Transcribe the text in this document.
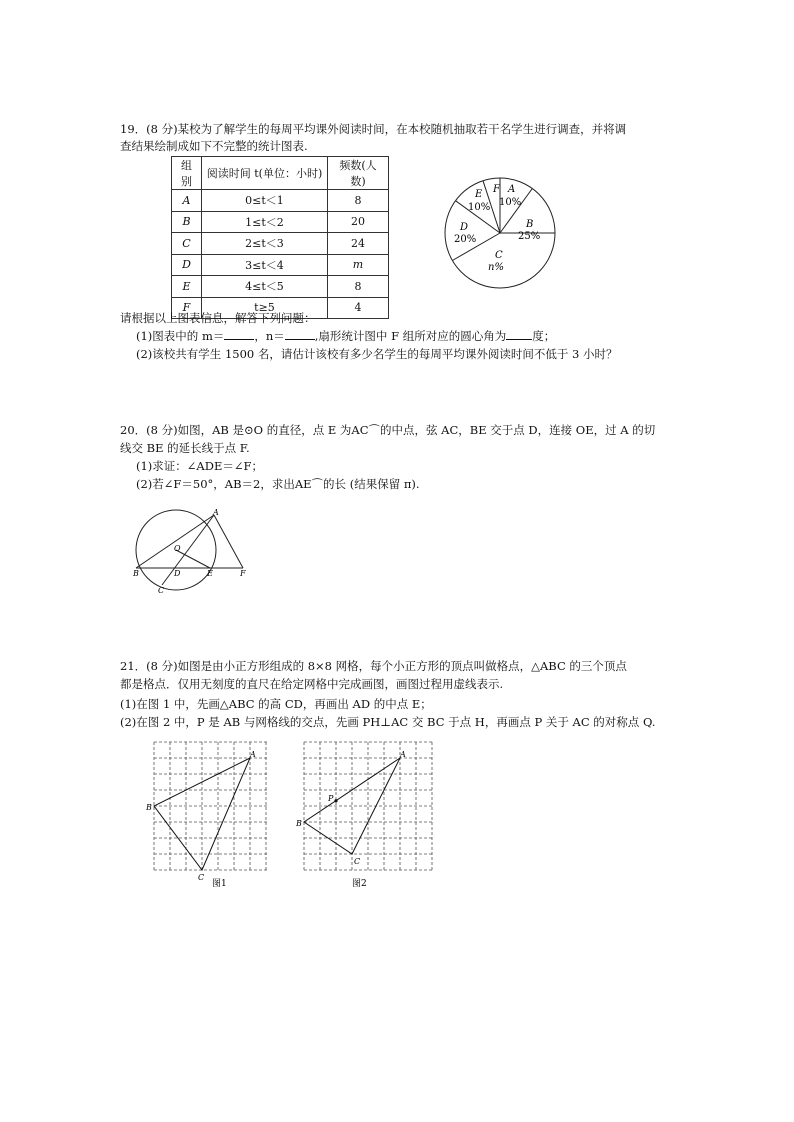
19．(8 分)某校为了解学生的每周平均课外阅读时间，在本校随机抽取若干名学生进行调查，并将调
查结果绘制成如下不完整的统计图表.
组别	阅读时间 t(单位：小时)	频数(人数)
A	0≤t＜1	8
B	1≤t＜2	20
C	2≤t＜3	24
D	3≤t＜4	m
E	4≤t＜5	8
F	t≥5	4
A
10%
B
25%
C
n%
D
20%
E
10%
F
请根据以上图表信息，解答下列问题：
(1)图表中的 m＝	，n＝	,扇形统计图中 F 组所对应的圆心角为 度；
(2)该校共有学生 1500 名，请估计该校有多少名学生的每周平均课外阅读时间不低于 3 小时？
20．(8 分)如图，AB 是⊙O 的直径，点 E 为AC⌒的中点，弦 AC，BE 交于点 D，连接 OE，过 A 的切
线交 BE 的延长线于点 F.
(1)求证：∠ADE＝∠F；
(2)若∠F＝50°，AB＝2，求出AE⌒的长 (结果保留 π).
A
O
B	D	E	F
C
21．(8 分)如图是由小正方形组成的 8×8 网格，每个小正方形的顶点叫做格点，△ABC 的三个顶点
都是格点．仅用无刻度的直尺在给定网格中完成画图，画图过程用虚线表示.
(1)在图 1 中，先画△ABC 的高 CD，再画出 AD 的中点 E；
(2)在图 2 中，P 是 AB 与网格线的交点，先画 PH⊥AC 交 BC 于点 H，再画点 P 关于 AC 的对称点 Q.
A
B
C
图1
A
P
B
C
图2
